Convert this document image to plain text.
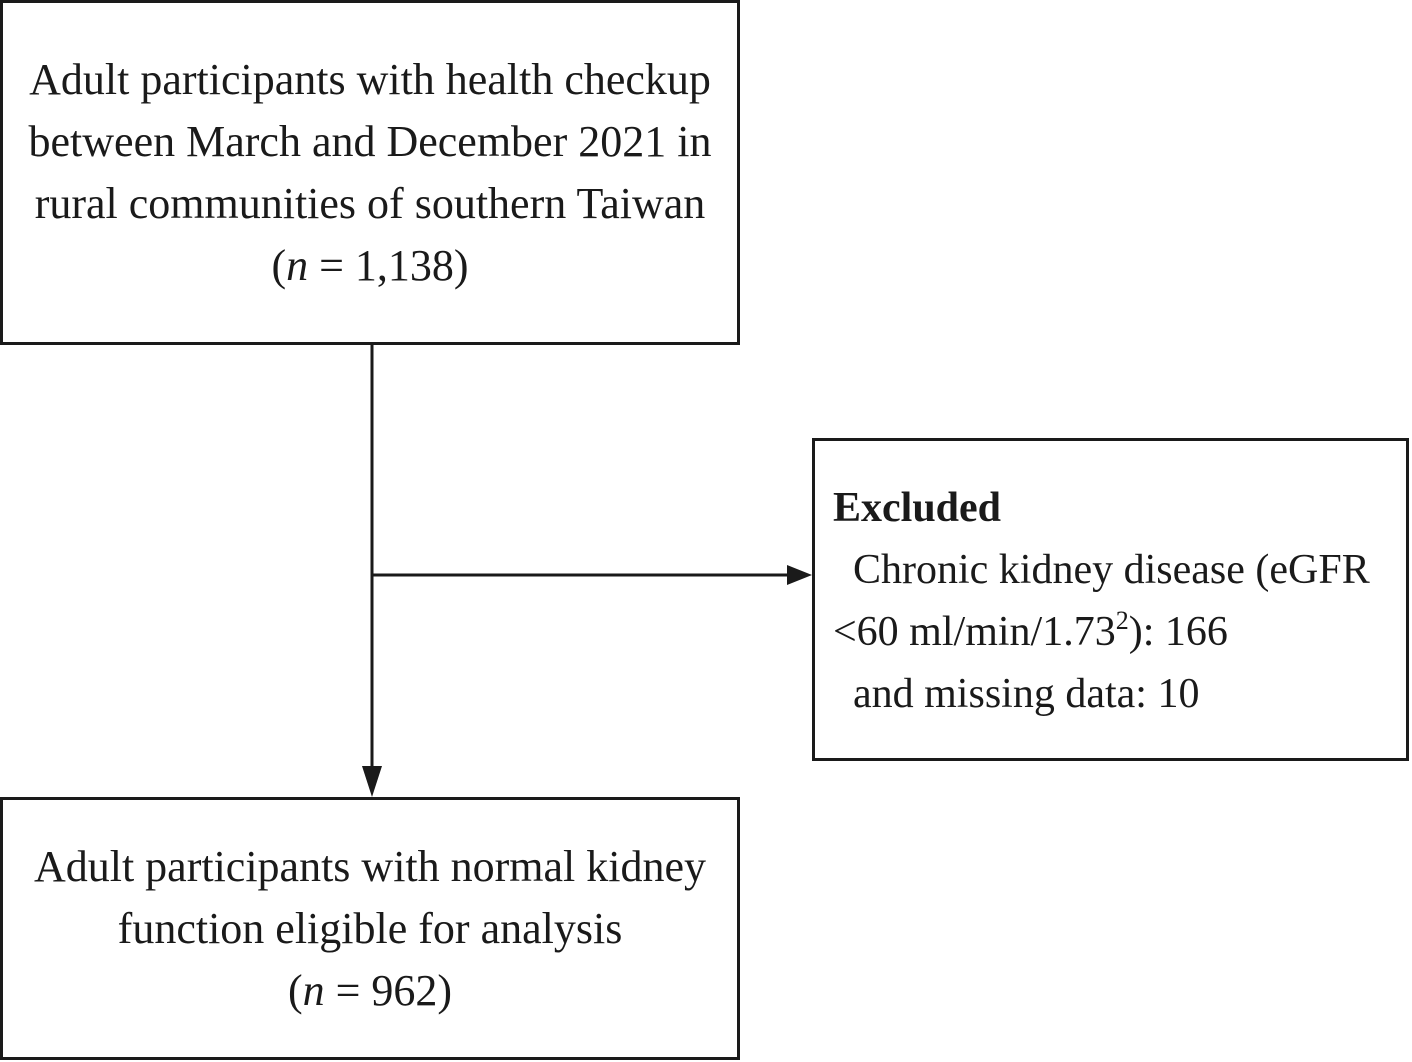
Adult participants with health checkup
between March and December 2021 in
rural communities of southern Taiwan
(n = 1,138)
Excluded
Chronic kidney disease (eGFR
<60 ml/min/1.73$^2$): 166
and missing data: 10
Adult participants with normal kidney
function eligible for analysis
(n = 962)
